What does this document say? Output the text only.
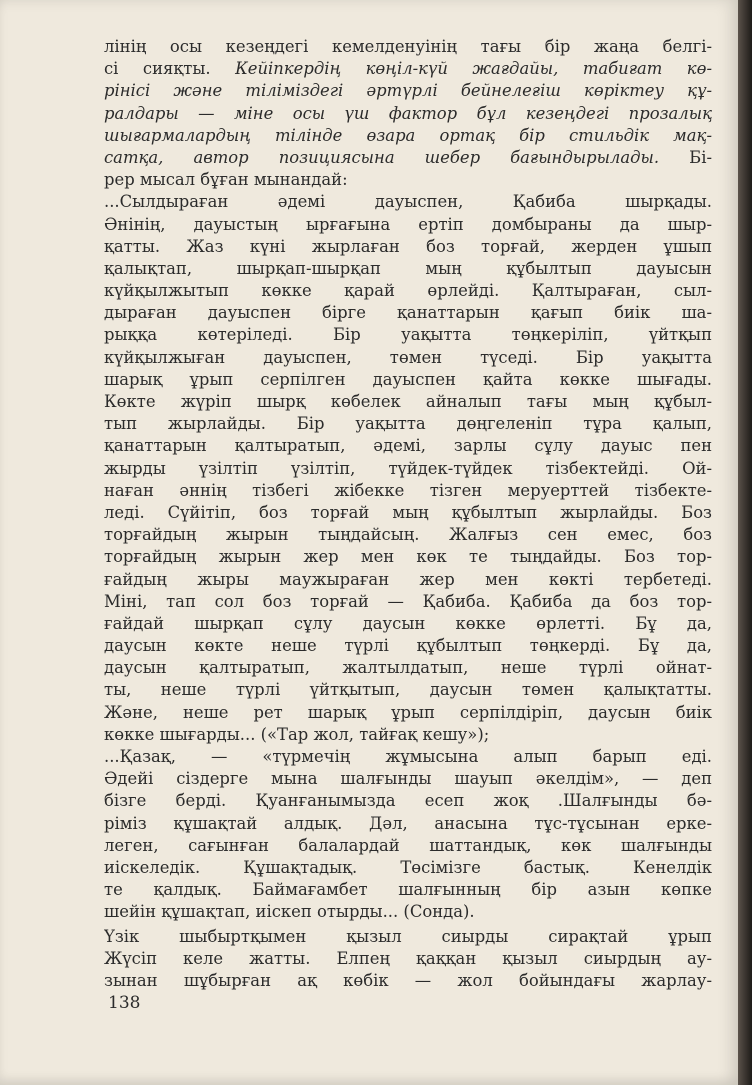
лінің осы кезеңдегі кемелденуінің тағы бір жаңа белгі-
сі сияқты. Кейіпкердің көңіл-күй жағдайы, табиғат кө-
рінісі және тіліміздегі әртүрлі бейнелеғіш көріктеу құ-
ралдары — міне осы үш фактор бұл кезеңдегі прозалық
шығармалардың тілінде өзара ортақ бір стильдік мақ-
сатқа, автор позициясына шебер бағындырылады. Бі-
рер мысал бұған мынандай:
...Сылдыраған әдемі дауыспен, Қабиба шырқады.
Әнінің, дауыстың ырғағына ертіп домбыраны да шыр-
қатты. Жаз күні жырлаған боз торғай, жерден ұшып
қалықтап, шырқап-шырқап мың құбылтып дауысын
күйқылжытып көкке қарай өрлейді. Қалтыраған, сыл-
дыраған дауыспен бірге қанаттарын қағып биік ша-
рыққа көтеріледі. Бір уақытта төңкеріліп, үйтқып
күйқылжыған дауыспен, төмен түседі. Бір уақытта
шарық ұрып серпілген дауыспен қайта көкке шығады.
Көкте жүріп шырқ көбелек айналып тағы мың құбыл-
тып жырлайды. Бір уақытта дөңгеленіп тұра қалып,
қанаттарын қалтыратып, әдемі, зарлы сұлу дауыс пен
жырды үзілтіп үзілтіп, түйдек-түйдек тізбектейді. Ой-
наған әннің тізбегі жібекке тізген меруерттей тізбекте-
леді. Сүйітіп, боз торғай мың құбылтып жырлайды. Боз
торғайдың жырын тыңдайсың. Жалғыз сен емес, боз
торғайдың жырын жер мен көк те тыңдайды. Боз тор-
ғайдың жыры маужыраған жер мен көкті тербетеді.
Міні, тап сол боз торғай — Қабиба. Қабиба да боз тор-
ғайдай шырқап сұлу даусын көкке өрлетті. Бұ да,
даусын көкте неше түрлі құбылтып төңкерді. Бұ да,
даусын қалтыратып, жалтылдатып, неше түрлі ойнат-
ты, неше түрлі үйтқытып, даусын төмен қалықтатты.
Және, неше рет шарық ұрып серпілдіріп, даусын биік
көкке шығарды... («Тар жол, тайғақ кешу»);
...Қазақ, — «түрмечің жұмысына алып барып еді.
Әдейі сіздерге мына шалғынды шауып әкелдім», — деп
бізге берді. Қуанғанымызда есеп жоқ .Шалғынды бә-
ріміз құшақтай алдық. Дәл, анасына тұс-тұсынан ерке-
леген, сағынған балалардай шаттандық, көк шалғынды
иіскеледік. Құшақтадық. Төсімізге бастық. Кенелдік
те қалдық. Баймағамбет шалғынның бір азын көпке
шейін құшақтап, иіскеп отырды... (Сонда).
Үзік шыбыртқымен қызыл сиырды сирақтай ұрып
Жүсіп келе жатты. Елпең қаққан қызыл сиырдың ау-
зынан шұбырған ақ көбік — жол бойындағы жарлау-
138
